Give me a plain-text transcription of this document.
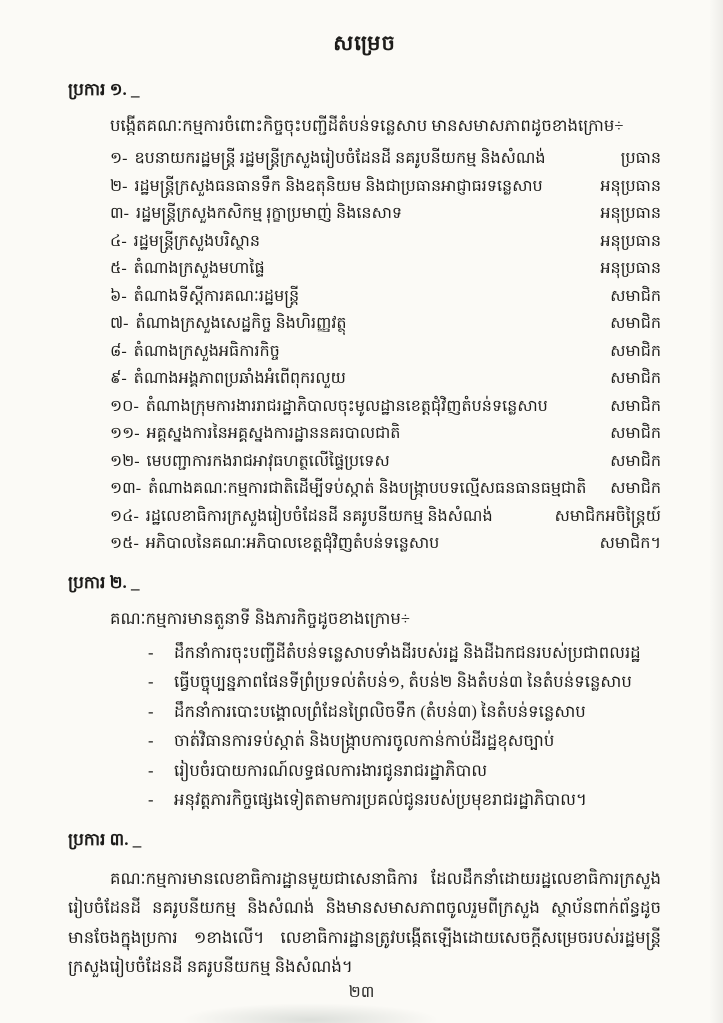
សម្រេច
ប្រការ ១. _

បង្កើតគណៈកម្មការចំពោះកិច្ចចុះបញ្ជីដីតំបន់ទន្លេសាប មានសមាសភាពដូចខាងក្រោម÷

១- ឧបនាយករដ្ឋមន្ត្រី រដ្ឋមន្ត្រីក្រសួងរៀបចំដែនដី នគរូបនីយកម្ម និងសំណង់	ប្រធាន
២- រដ្ឋមន្ត្រីក្រសួងធនធានទឹក និងឧតុនិយម និងជាប្រធានអាជ្ញាធរទន្លេសាប	អនុប្រធាន
៣- រដ្ឋមន្ត្រីក្រសួងកសិកម្ម រុក្ខាប្រមាញ់ និងនេសាទ	អនុប្រធាន
៤- រដ្ឋមន្ត្រីក្រសួងបរិស្ថាន	អនុប្រធាន
៥- តំណាងក្រសួងមហាផ្ទៃ	អនុប្រធាន
៦- តំណាងទីស្ដីការគណៈរដ្ឋមន្ត្រី	សមាជិក
៧- តំណាងក្រសួងសេដ្ឋកិច្ច និងហិរញ្ញវត្ថុ	សមាជិក
៨- តំណាងក្រសួងអធិការកិច្ច	សមាជិក
៩- តំណាងអង្គភាពប្រឆាំងអំពើពុករលួយ	សមាជិក
១០- តំណាងក្រុមការងាររាជរដ្ឋាភិបាលចុះមូលដ្ឋានខេត្តជុំវិញតំបន់ទន្លេសាប	សមាជិក
១១- អគ្គស្នងការនៃអគ្គស្នងការដ្ឋាននគរបាលជាតិ	សមាជិក
១២- មេបញ្ជាការកងរាជអាវុធហត្ថលើផ្ទៃប្រទេស	សមាជិក
១៣- តំណាងគណៈកម្មការជាតិដើម្បីទប់ស្កាត់ និងបង្ក្រាបបទល្មើសធនធានធម្មជាតិ	សមាជិក
១៤- រដ្ឋលេខាធិការក្រសួងរៀបចំដែនដី នគរូបនីយកម្ម និងសំណង់	សមាជិកអចិន្ត្រៃយ៍
១៥- អភិបាលនៃគណៈអភិបាលខេត្តជុំវិញតំបន់ទន្លេសាប	សមាជិក។
ប្រការ ២. _

គណៈកម្មការមានតួនាទី និងភារកិច្ចដូចខាងក្រោម÷

-	ដឹកនាំការចុះបញ្ជីដីតំបន់ទន្លេសាបទាំងដីរបស់រដ្ឋ និងដីឯកជនរបស់ប្រជាពលរដ្ឋ
-	ធ្វើបច្ចុប្បន្នភាពផែនទីព្រំប្រទល់តំបន់១, តំបន់២ និងតំបន់៣ នៃតំបន់ទន្លេសាប
-	ដឹកនាំការបោះបង្គោលព្រំដែនព្រៃលិចទឹក (តំបន់៣) នៃតំបន់ទន្លេសាប
-	ចាត់វិធានការទប់ស្កាត់ និងបង្ក្រាបការចូលកាន់កាប់ដីរដ្ឋខុសច្បាប់
-	រៀបចំរបាយការណ៍លទ្ធផលការងារជូនរាជរដ្ឋាភិបាល
-	អនុវត្តភារកិច្ចផ្សេងទៀតតាមការប្រគល់ជូនរបស់ប្រមុខរាជរដ្ឋាភិបាល។
ប្រការ ៣. _

គណៈកម្មការមានលេខាធិការដ្ឋានមួយជាសេនាធិការ ដែលដឹកនាំដោយរដ្ឋលេខាធិការក្រសួងរៀបចំដែនដី នគរូបនីយកម្ម និងសំណង់ និងមានសមាសភាពចូលរួមពីក្រសួង ស្ថាប័នពាក់ព័ន្ធដូចមានចែងក្នុងប្រការ ១ខាងលើ។ លេខាធិការដ្ឋានត្រូវបង្កើតឡើងដោយសេចក្ដីសម្រេចរបស់រដ្ឋមន្ត្រីក្រសួងរៀបចំដែនដី នគរូបនីយកម្ម និងសំណង់។

២៣
